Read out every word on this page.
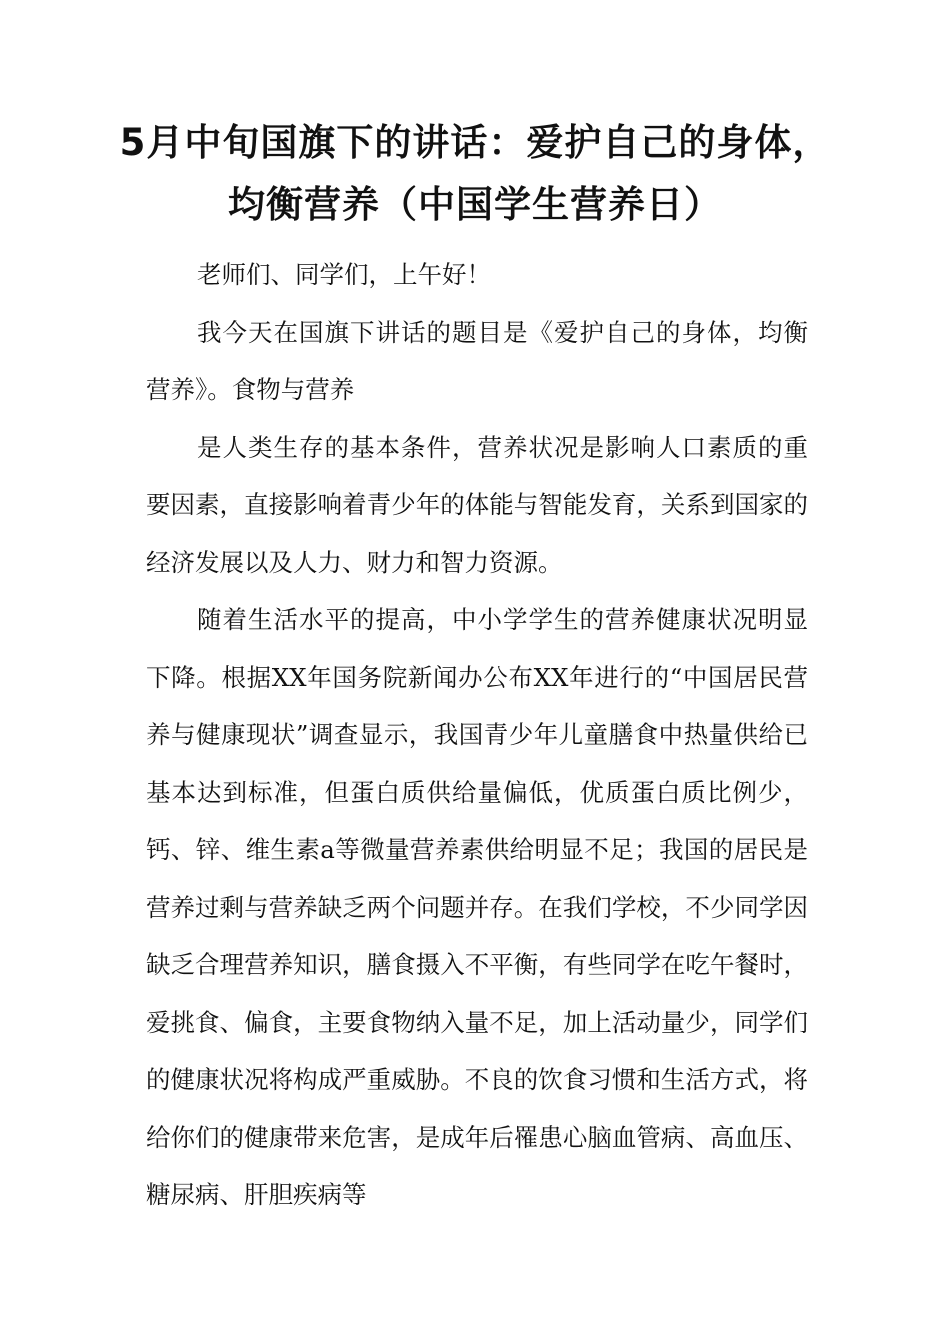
5月中旬国旗下的讲话：爱护自己的身体，均衡营养（中国学生营养日）

老师们、同学们，上午好！

我今天在国旗下讲话的题目是《爱护自己的身体，均衡营养》。食物与营养

是人类生存的基本条件，营养状况是影响人口素质的重要因素，直接影响着青少年的体能与智能发育，关系到国家的经济发展以及人力、财力和智力资源。

随着生活水平的提高，中小学学生的营养健康状况明显下降。根据XX年国务院新闻办公布XX年进行的“中国居民营养与健康现状”调查显示，我国青少年儿童膳食中热量供给已基本达到标准，但蛋白质供给量偏低，优质蛋白质比例少，钙、锌、维生素a等微量营养素供给明显不足；我国的居民是营养过剩与营养缺乏两个问题并存。在我们学校，不少同学因缺乏合理营养知识，膳食摄入不平衡，有些同学在吃午餐时，爱挑食、偏食，主要食物纳入量不足，加上活动量少，同学们的健康状况将构成严重威胁。不良的饮食习惯和生活方式，将给你们的健康带来危害，是成年后罹患心脑血管病、高血压、糖尿病、肝胆疾病等
